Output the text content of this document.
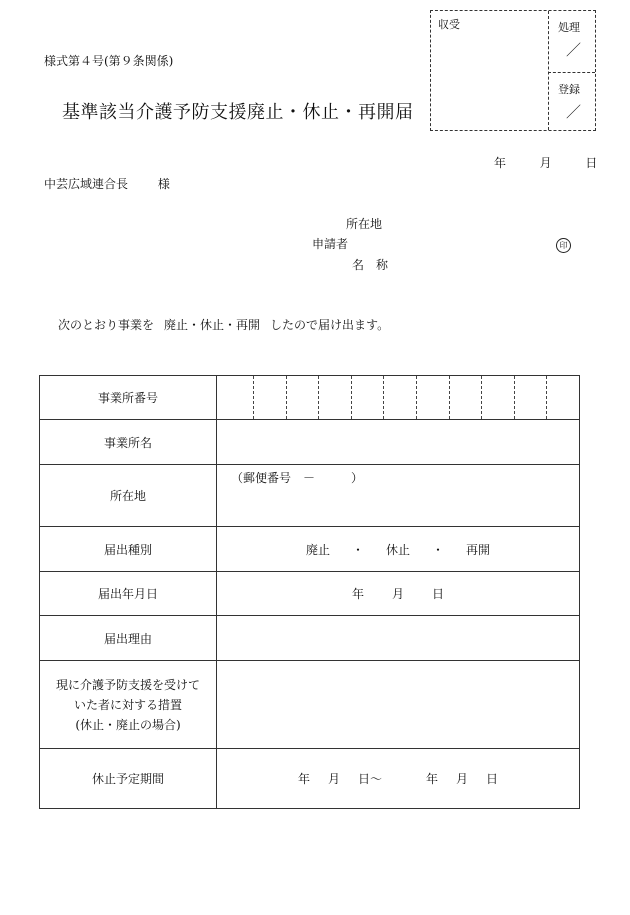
様式第４号(第９条関係)
基準該当介護予防支援廃止・休止・再開届
収受	処理
／
登録
／
年	月	日
中芸広域連合長 様
所在地
申請者
名称
印
次のとおり事業を 廃止・休止・再開 したので届け出ます。
事業所番号	

事業所名	
所在地	（郵便番号　－　　　）

届出種別	廃止 ・ 休止 ・ 再開
届出年月日	年 月 日
届出理由	

現に介護予防支援を受けて
いた者に対する措置
(休止・廃止の場合)	

休止予定期間	年 月 日～ 年 月 日
